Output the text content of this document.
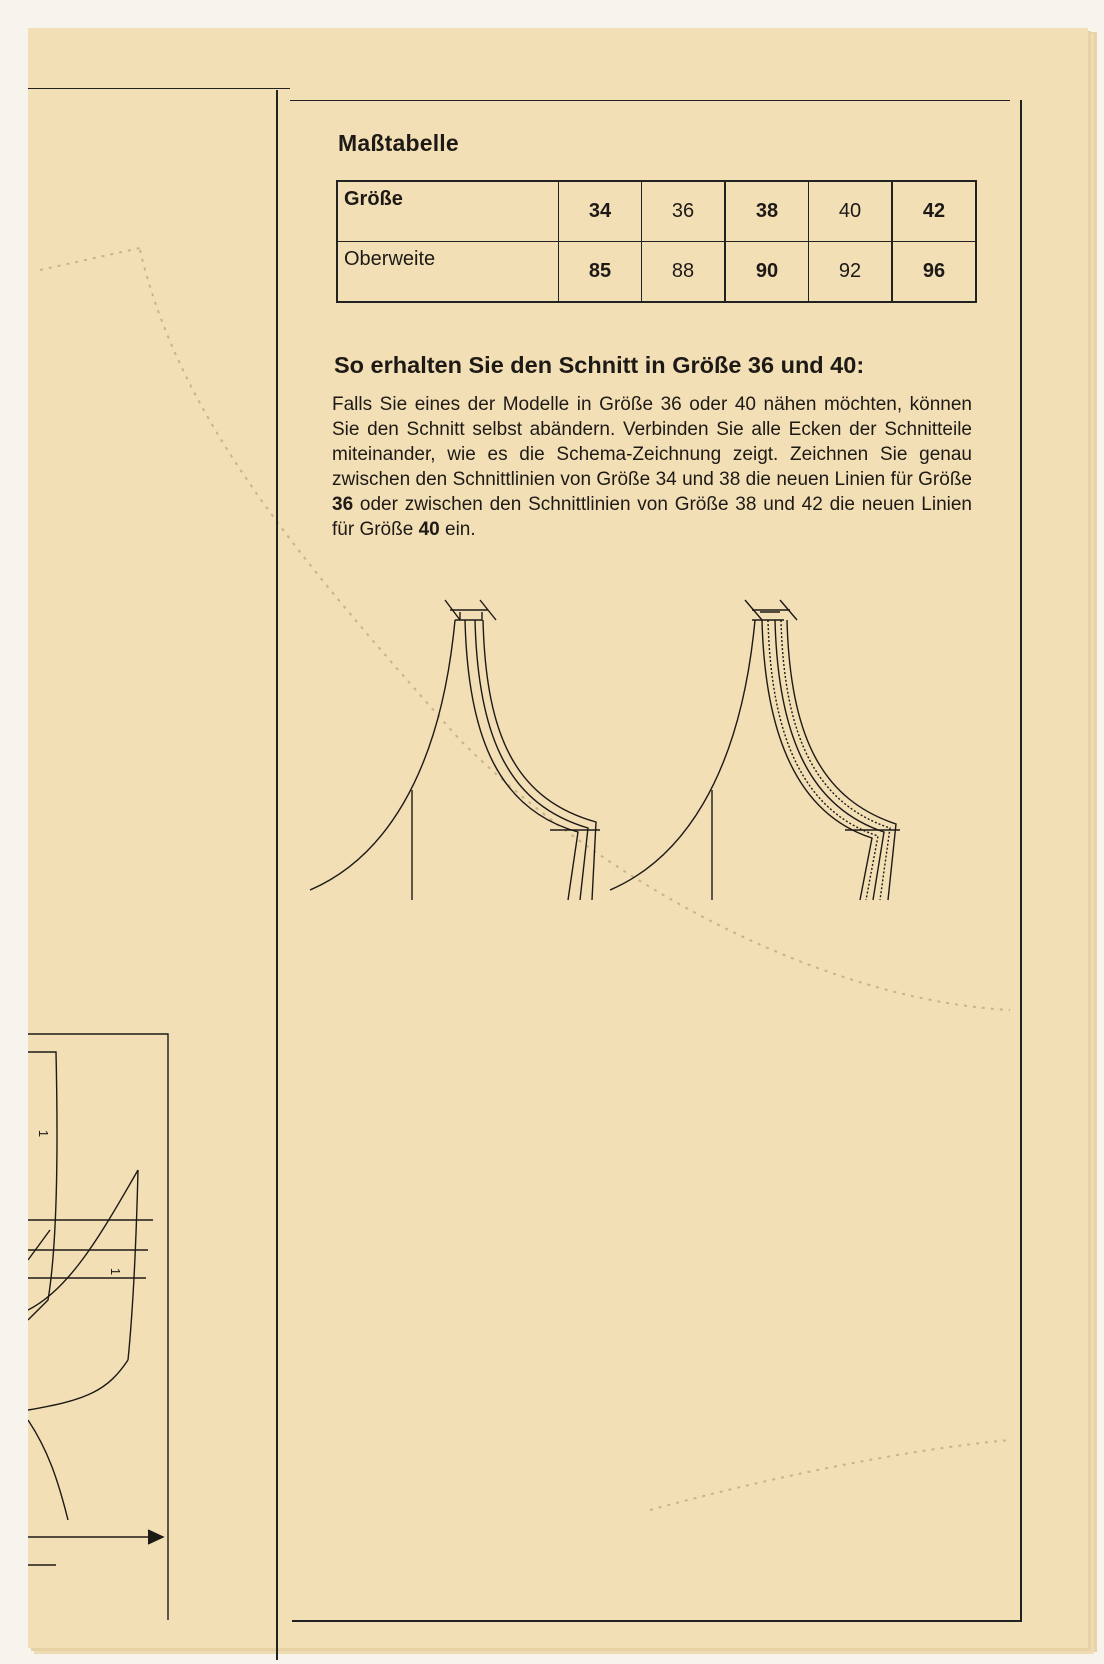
Maßtabelle
Größe	34	36	38	40	42
Oberweite	85	88	90	92	96
So erhalten Sie den Schnitt in Größe 36 und 40:
Falls Sie eines der Modelle in Größe 36 oder 40 nähen möchten, können Sie den Schnitt selbst abändern. Verbinden Sie alle Ecken der Schnitteile miteinander, wie es die Schema-Zeichnung zeigt. Zeichnen Sie genau zwischen den Schnittlinien von Größe 34 und 38 die neuen Linien für Größe 36 oder zwischen den Schnittlinien von Größe 38 und 42 die neuen Linien für Größe 40 ein.
1
1
